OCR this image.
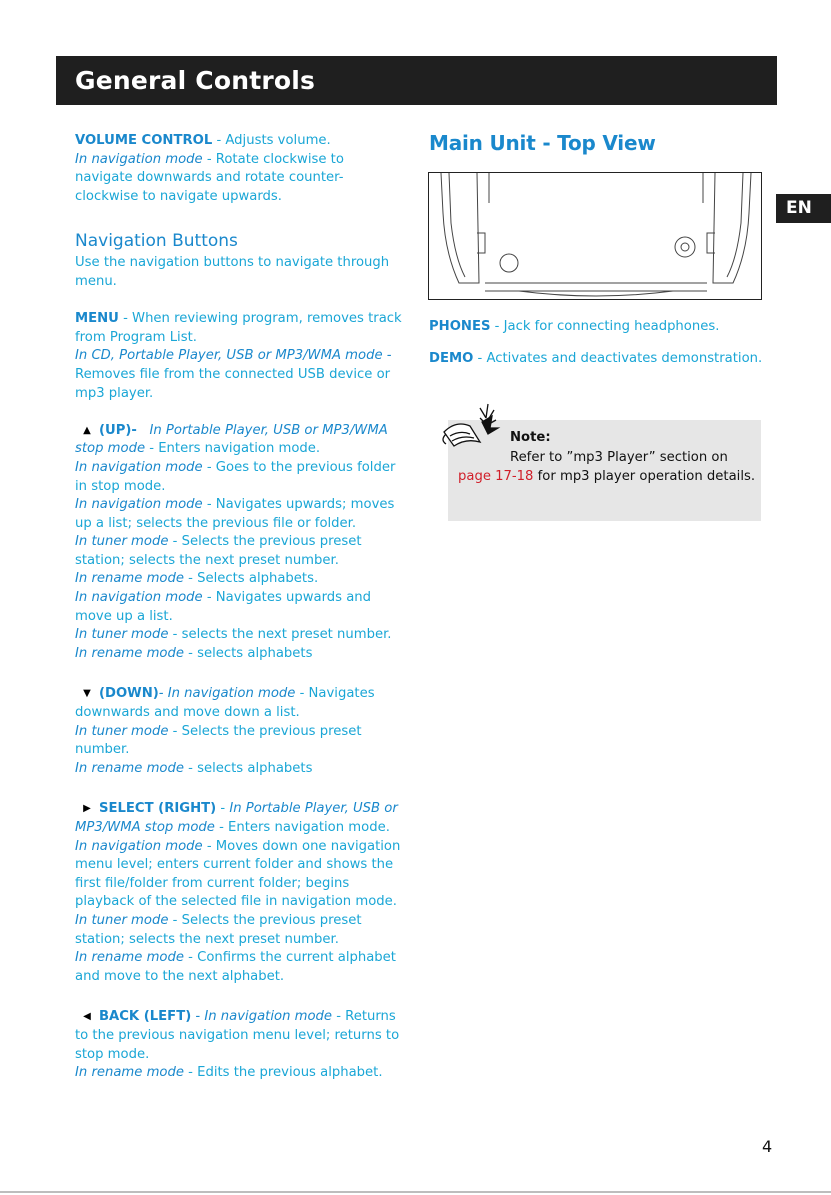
General Controls
EN

VOLUME CONTROL - Adjusts volume.

In navigation mode - Rotate clockwise to

navigate downwards and rotate counter-

clockwise to navigate upwards.

Navigation Buttons

Use the navigation buttons to navigate through

menu.

MENU - When reviewing program, removes track

from Program List.

In CD, Portable Player, USB or MP3/WMA mode -

Removes file from the connected USB device or

mp3 player.

▲ (UP)- In Portable Player, USB or MP3/WMA

stop mode - Enters navigation mode.

In navigation mode - Goes to the previous folder

in stop mode.

In navigation mode - Navigates upwards; moves

up a list; selects the previous file or folder.

In tuner mode - Selects the previous preset

station; selects the next preset number.

In rename mode - Selects alphabets.

In navigation mode - Navigates upwards and

move up a list.

In tuner mode - selects the next preset number.

In rename mode - selects alphabets

▼ (DOWN)- In navigation mode - Navigates

downwards and move down a list.

In tuner mode - Selects the previous preset

number.

In rename mode - selects alphabets

▶ SELECT (RIGHT) - In Portable Player, USB or

MP3/WMA stop mode - Enters navigation mode.

In navigation mode - Moves down one navigation

menu level; enters current folder and shows the

first file/folder from current folder; begins

playback of the selected file in navigation mode.

In tuner mode - Selects the previous preset

station; selects the next preset number.

In rename mode - Confirms the current alphabet

and move to the next alphabet.

◀ BACK (LEFT) - In navigation mode - Returns

to the previous navigation menu level; returns to

stop mode.

In rename mode - Edits the previous alphabet.

Main Unit - Top View
PHONES - Jack for connecting headphones.
DEMO - Activates and deactivates demonstration.
Note:
Refer to ”mp3 Player” section on
page 17-18 for mp3 player operation details.
4
